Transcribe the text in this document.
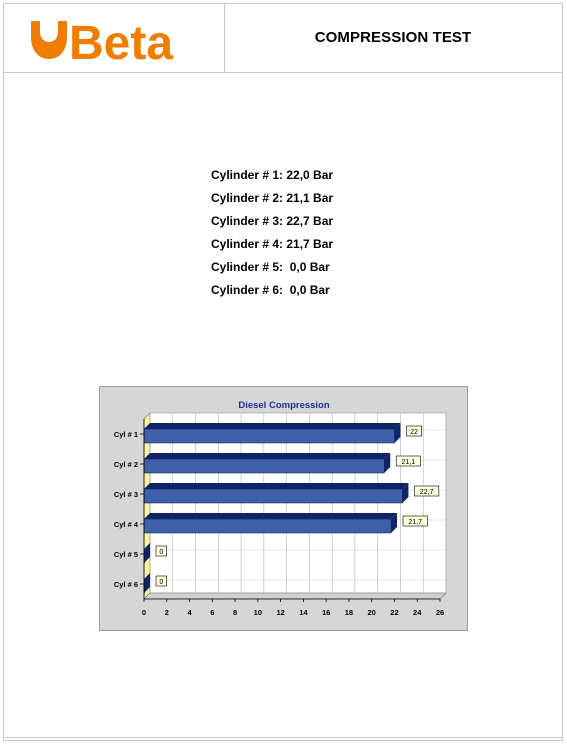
Beta	COMPRESSION TEST
Cylinder # 1: 22,0 Bar
Cylinder # 2: 21,1 Bar
Cylinder # 3: 22,7 Bar
Cylinder # 4: 21,7 Bar
Cylinder # 5:  0,0 Bar
Cylinder # 6:  0,0 Bar
Diesel Compression
0 2 4 6 8 10 12 14 16 18 20 22 24 26
Cyl # 1	22
Cyl # 2	21,1
Cyl # 3	22,7
Cyl # 4	21,7
Cyl # 5	0
Cyl # 6	0
